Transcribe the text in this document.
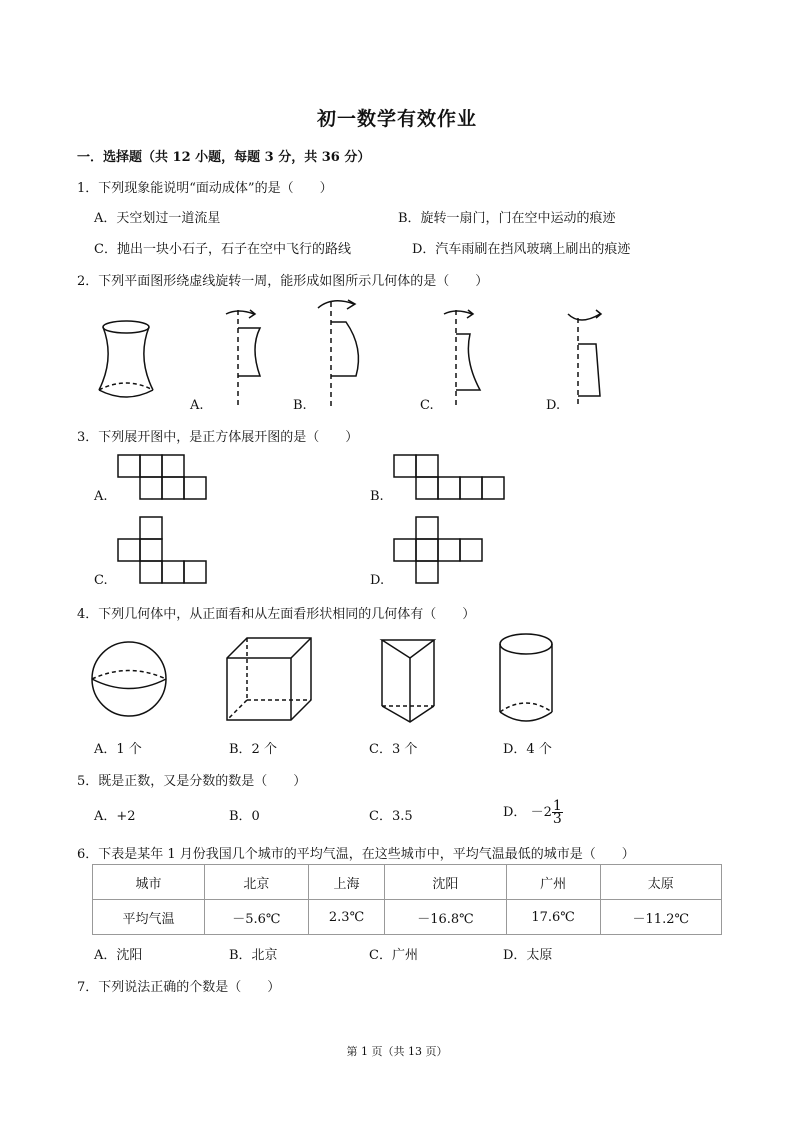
初一数学有效作业
一．选择题（共 12 小题，每题 3 分，共 36 分）
1．下列现象能说明“面动成体”的是（　　）
A．天空划过一道流星	B．旋转一扇门，门在空中运动的痕迹
C．抛出一块小石子，石子在空中飞行的路线	D．汽车雨刷在挡风玻璃上刷出的痕迹
2．下列平面图形绕虚线旋转一周，能形成如图所示几何体的是（　　）
A.	B.	C.	D.
3．下列展开图中，是正方体展开图的是（　　）
A.	B.
C.	D.
4．下列几何体中，从正面看和从左面看形状相同的几何体有（　　）
A．1 个	B．2 个	C．3 个	D．4 个
5．既是正数，又是分数的数是（　　）
A．+2	B．0	C．3.5	D． $-2 \frac{1}{3}$
6．下表是某年 1 月份我国几个城市的平均气温，在这些城市中，平均气温最低的城市是（　　）
城市	北京	上海	沈阳	广州	太原
平均气温	－5.6℃	2.3℃	－16.8℃	17.6℃	－11.2℃
A．沈阳	B．北京	C．广州	D．太原
7．下列说法正确的个数是（　　）
第 1 页（共 13 页）
